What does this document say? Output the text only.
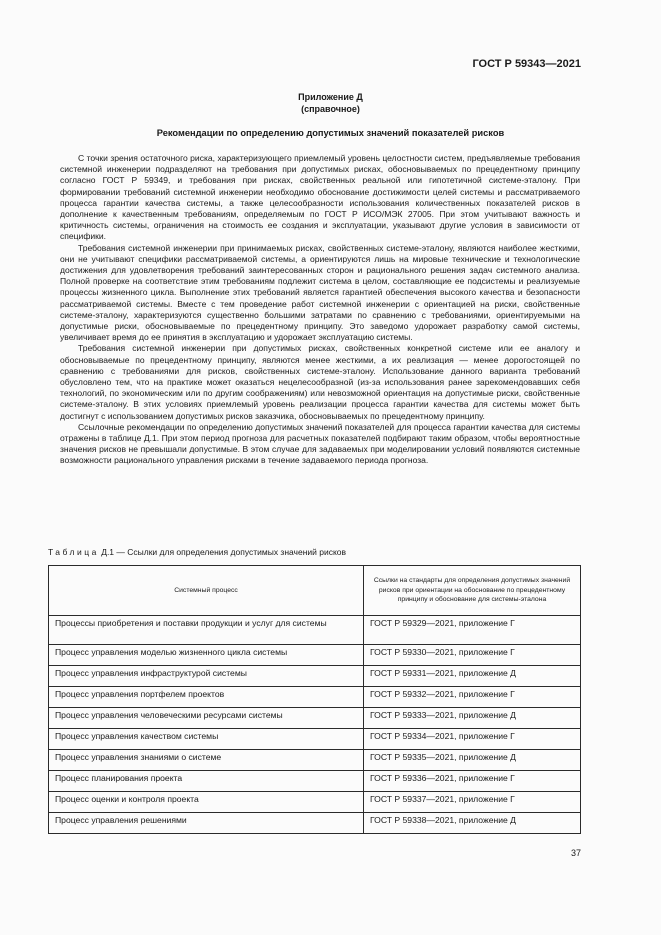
ГОСТ Р 59343—2021
Приложение Д
(справочное)
Рекомендации по определению допустимых значений показателей рисков

С точки зрения остаточного риска, характеризующего приемлемый уровень целостности систем, предъявляемые требования системной инженерии подразделяют на требования при допустимых рисках, обосновываемых по прецедентному принципу согласно ГОСТ Р 59349, и требования при рисках, свойственных реальной или гипотетичной системе-эталону. При формировании требований системной инженерии необходимо обоснование достижимости целей системы и рассматриваемого процесса гарантии качества системы, а также целесообразности использования количественных показателей рисков в дополнение к качественным требованиям, определяемым по ГОСТ Р ИСО/МЭК 27005. При этом учитывают важность и критичность системы, ограничения на стоимость ее создания и эксплуатации, указывают другие условия в зависимости от специфики.

Требования системной инженерии при принимаемых рисках, свойственных системе-эталону, являются наиболее жесткими, они не учитывают специфики рассматриваемой системы, а ориентируются лишь на мировые технические и технологические достижения для удовлетворения требований заинтересованных сторон и рационального решения задач системного анализа. Полной проверке на соответствие этим требованиям подлежит система в целом, составляющие ее подсистемы и реализуемые процессы жизненного цикла. Выполнение этих требований является гарантией обеспечения высокого качества и безопасности рассматриваемой системы. Вместе с тем проведение работ системной инженерии с ориентацией на риски, свойственные системе-эталону, характеризуются существенно большими затратами по сравнению с требованиями, ориентируемыми на допустимые риски, обосновываемые по прецедентному принципу. Это заведомо удорожает разработку самой системы, увеличивает время до ее принятия в эксплуатацию и удорожает эксплуатацию системы.

Требования системной инженерии при допустимых рисках, свойственных конкретной системе или ее аналогу и обосновываемые по прецедентному принципу, являются менее жесткими, а их реализация — менее дорогостоящей по сравнению с требованиями для рисков, свойственных системе-эталону. Использование данного варианта требований обусловлено тем, что на практике может оказаться нецелесообразной (из-за использования ранее зарекомендовавших себя технологий, по экономическим или по другим соображениям) или невозможной ориентация на допустимые риски, свойственные системе-эталону. В этих условиях приемлемый уровень реализации процесса гарантии качества для системы может быть достигнут с использованием допустимых рисков заказчика, обосновываемых по прецедентному принципу.

Ссылочные рекомендации по определению допустимых значений показателей для процесса гарантии качества для системы отражены в таблице Д.1. При этом период прогноза для расчетных показателей подбирают таким образом, чтобы вероятностные значения рисков не превышали допустимые. В этом случае для задаваемых при моделировании условий появляются системные возможности рационального управления рисками в течение задаваемого периода прогноза.

Таблица Д.1 — Ссылки для определения допустимых значений рисков
Системный процесс	Ссылки на стандарты для определения допустимых значений рисков при ориентации на обоснование по прецедентному принципу и обоснование для системы-эталона
Процессы приобретения и поставки продукции и услуг для системы	ГОСТ Р 59329—2021, приложение Г
Процесс управления моделью жизненного цикла системы	ГОСТ Р 59330—2021, приложение Г
Процесс управления инфраструктурой системы	ГОСТ Р 59331—2021, приложение Д
Процесс управления портфелем проектов	ГОСТ Р 59332—2021, приложение Г
Процесс управления человеческими ресурсами системы	ГОСТ Р 59333—2021, приложение Д
Процесс управления качеством системы	ГОСТ Р 59334—2021, приложение Г
Процесс управления знаниями о системе	ГОСТ Р 59335—2021, приложение Д
Процесс планирования проекта	ГОСТ Р 59336—2021, приложение Г
Процесс оценки и контроля проекта	ГОСТ Р 59337—2021, приложение Г
Процесс управления решениями	ГОСТ Р 59338—2021, приложение Д
37
